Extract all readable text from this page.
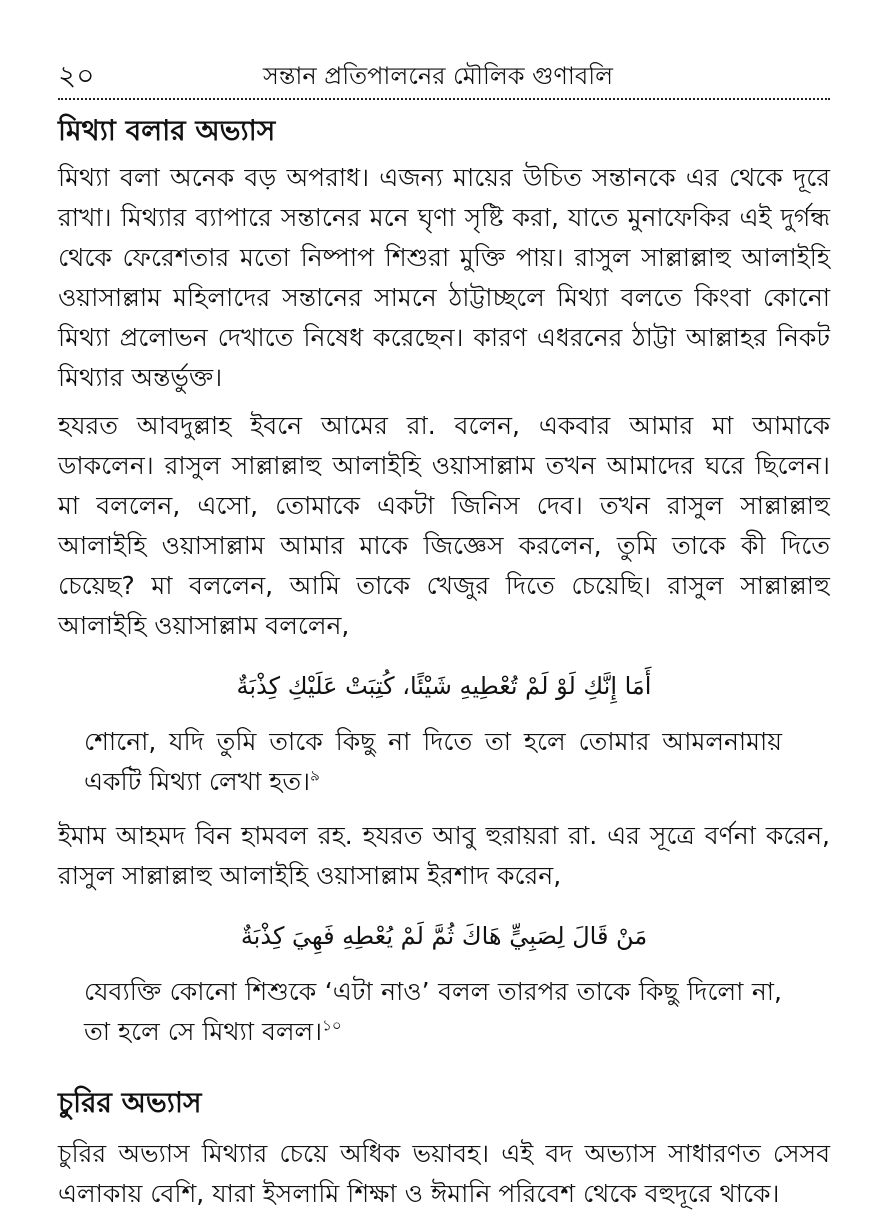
২০	সন্তান প্রতিপালনের মৌলিক গুণাবলি
মিথ্যা বলার অভ্যাস

মিথ্যা বলা অনেক বড় অপরাধ। এজন্য মায়ের উচিত সন্তানকে এর থেকে দূরে রাখা। মিথ্যার ব্যাপারে সন্তানের মনে ঘৃণা সৃষ্টি করা, যাতে মুনাফেকির এই দুর্গন্ধ থেকে ফেরেশতার মতো নিষ্পাপ শিশুরা মুক্তি পায়। রাসুল সাল্লাল্লাহু আলাইহি ওয়াসাল্লাম মহিলাদের সন্তানের সামনে ঠাট্টাচ্ছলে মিথ্যা বলতে কিংবা কোনো মিথ্যা প্রলোভন দেখাতে নিষেধ করেছেন। কারণ এধরনের ঠাট্টা আল্লাহর নিকট মিথ্যার অন্তর্ভুক্ত।

হযরত আবদুল্লাহ ইবনে আমের রা. বলেন, একবার আমার মা আমাকে ডাকলেন। রাসুল সাল্লাল্লাহু আলাইহি ওয়াসাল্লাম তখন আমাদের ঘরে ছিলেন। মা বললেন, এসো, তোমাকে একটা জিনিস দেব। তখন রাসুল সাল্লাল্লাহু আলাইহি ওয়াসাল্লাম আমার মাকে জিজ্ঞেস করলেন, তুমি তাকে কী দিতে চেয়েছ? মা বললেন, আমি তাকে খেজুর দিতে চেয়েছি। রাসুল সাল্লাল্লাহু আলাইহি ওয়াসাল্লাম বললেন,

أَمَا إِنَّكِ لَوْ لَمْ تُعْطِيهِ شَيْئًا، كُتِبَتْ عَلَيْكِ كِذْبَةٌ

শোনো, যদি তুমি তাকে কিছু না দিতে তা হলে তোমার আমলনামায় একটি মিথ্যা লেখা হত।$^৯$

ইমাম আহমদ বিন হামবল রহ. হযরত আবু হুরায়রা রা. এর সূত্রে বর্ণনা করেন, রাসুল সাল্লাল্লাহু আলাইহি ওয়াসাল্লাম ইরশাদ করেন,

مَنْ قَالَ لِصَبِيٍّ هَاكَ ثُمَّ لَمْ يُعْطِهِ فَهِيَ كِذْبَةٌ

যেব্যক্তি কোনো শিশুকে ‘এটা নাও’ বলল তারপর তাকে কিছু দিলো না, তা হলে সে মিথ্যা বলল।$^{১০}$

চুরির অভ্যাস

চুরির অভ্যাস মিথ্যার চেয়ে অধিক ভয়াবহ। এই বদ অভ্যাস সাধারণত সেসব এলাকায় বেশি, যারা ইসলামি শিক্ষা ও ঈমানি পরিবেশ থেকে বহুদূরে থাকে।
